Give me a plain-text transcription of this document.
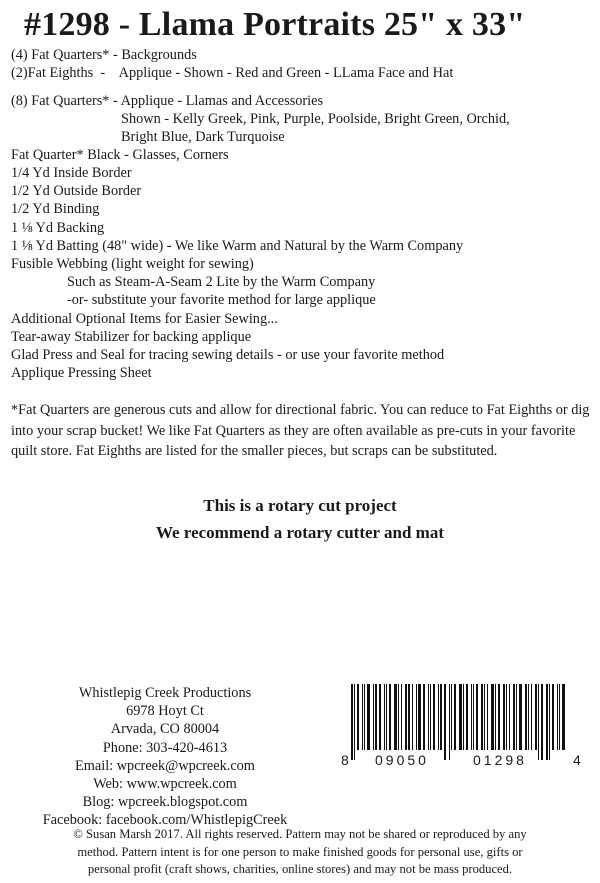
#1298 - Llama Portraits 25" x 33"
(4) Fat Quarters* - Backgrounds
(2)Fat Eighths  -    Applique - Shown - Red and Green - LLama Face and Hat
(8) Fat Quarters* - Applique - Llamas and Accessories
Shown - Kelly Greek, Pink, Purple, Poolside, Bright Green, Orchid,
Bright Blue, Dark Turquoise
Fat Quarter* Black - Glasses, Corners
1/4 Yd Inside Border
1/2 Yd Outside Border
1/2 Yd Binding
1 ⅛ Yd Backing
1 ⅛ Yd Batting (48" wide) - We like Warm and Natural by the Warm Company
Fusible Webbing (light weight for sewing)
Such as Steam-A-Seam 2 Lite by the Warm Company
-or- substitute your favorite method for large applique
Additional Optional Items for Easier Sewing...
Tear-away Stabilizer for backing applique
Glad Press and Seal for tracing sewing details - or use your favorite method
Applique Pressing Sheet
*Fat Quarters are generous cuts and allow for directional fabric. You can reduce to Fat Eighths or dig into your scrap bucket! We like Fat Quarters as they are often available as pre-cuts in your favorite quilt store. Fat Eighths are listed for the smaller pieces, but scraps can be substituted.
This is a rotary cut project
We recommend a rotary cutter and mat
Whistlepig Creek Productions
6978 Hoyt Ct
Arvada, CO 80004
Phone: 303-420-4613
Email: wpcreek@wpcreek.com
Web: www.wpcreek.com
Blog: wpcreek.blogspot.com
Facebook: facebook.com/WhistlepigCreek
8 09050	01298	4
© Susan Marsh 2017. All rights reserved. Pattern may not be shared or reproduced by any
method. Pattern intent is for one person to make finished goods for personal use, gifts or
personal profit (craft shows, charities, online stores) and may not be mass produced.
